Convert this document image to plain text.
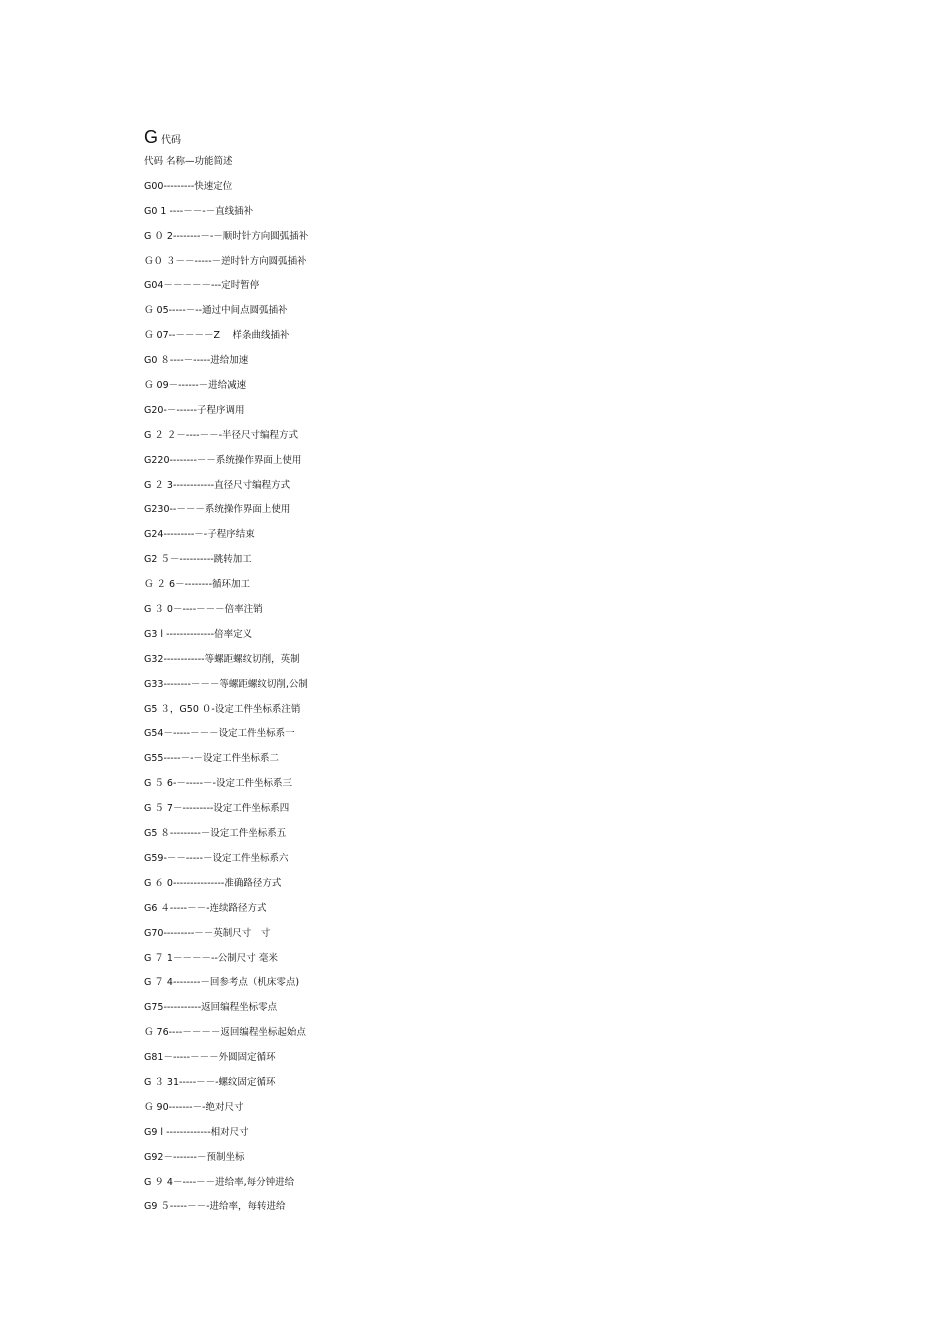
G代码
代码 名称—功能简述
G00---------快速定位
G0 1 ----－－-－直线插补
G ０ 2--------－-－顺时针方向圆弧插补
Ｇ０ ３－－-----－逆时针方向圆弧插补
G04－－－－－---定时暂停
Ｇ 05-----－--通过中间点圆弧插补
Ｇ 07--－－－－Z　 样条曲线插补
G0 ８----－-----进给加速
Ｇ 09－------－进给减速
G20-－------子程序调用
G ２ ２－----－－-半径尺寸编程方式
G220--------－－系统操作界面上使用
G ２ 3------------直径尺寸编程方式
G230--－－－系统操作界面上使用
G24---------－-子程序结束
G2 ５－----------跳转加工
Ｇ ２ 6－--------循环加工
G ３ 0－----－－－倍率注销
G3 l --------------倍率定义
G32------------等螺距螺纹切削，英制
G33--------－－－等螺距螺纹切削,公制
G5 ３，G50 ０-设定工件坐标系注销
G54－-----－－－设定工件坐标系一
G55-----－-－设定工件坐标系二
G ５ 6-－-----－-设定工件坐标系三
G ５ 7－---------设定工件坐标系四
G5 ８---------－设定工件坐标系五
G59-－－-----－设定工件坐标系六
G ６ 0---------------准确路径方式
G6 ４-----－－-连续路径方式
G70---------－－英制尺寸　寸
G ７ 1－－－－--公制尺寸 毫米
G ７ 4--------－回参考点（机床零点)
G75-----------返回编程坐标零点
Ｇ 76----－－－－返回编程坐标起始点
G81－-----－－－外圆固定循环
G ３ 31-----－－-螺纹固定循环
Ｇ 90-------－-绝对尺寸
G9 l -------------相对尺寸
G92－-------－预制坐标
G ９ 4－----－－进给率,每分钟进给
G9 ５-----－－-进给率，每转进给
